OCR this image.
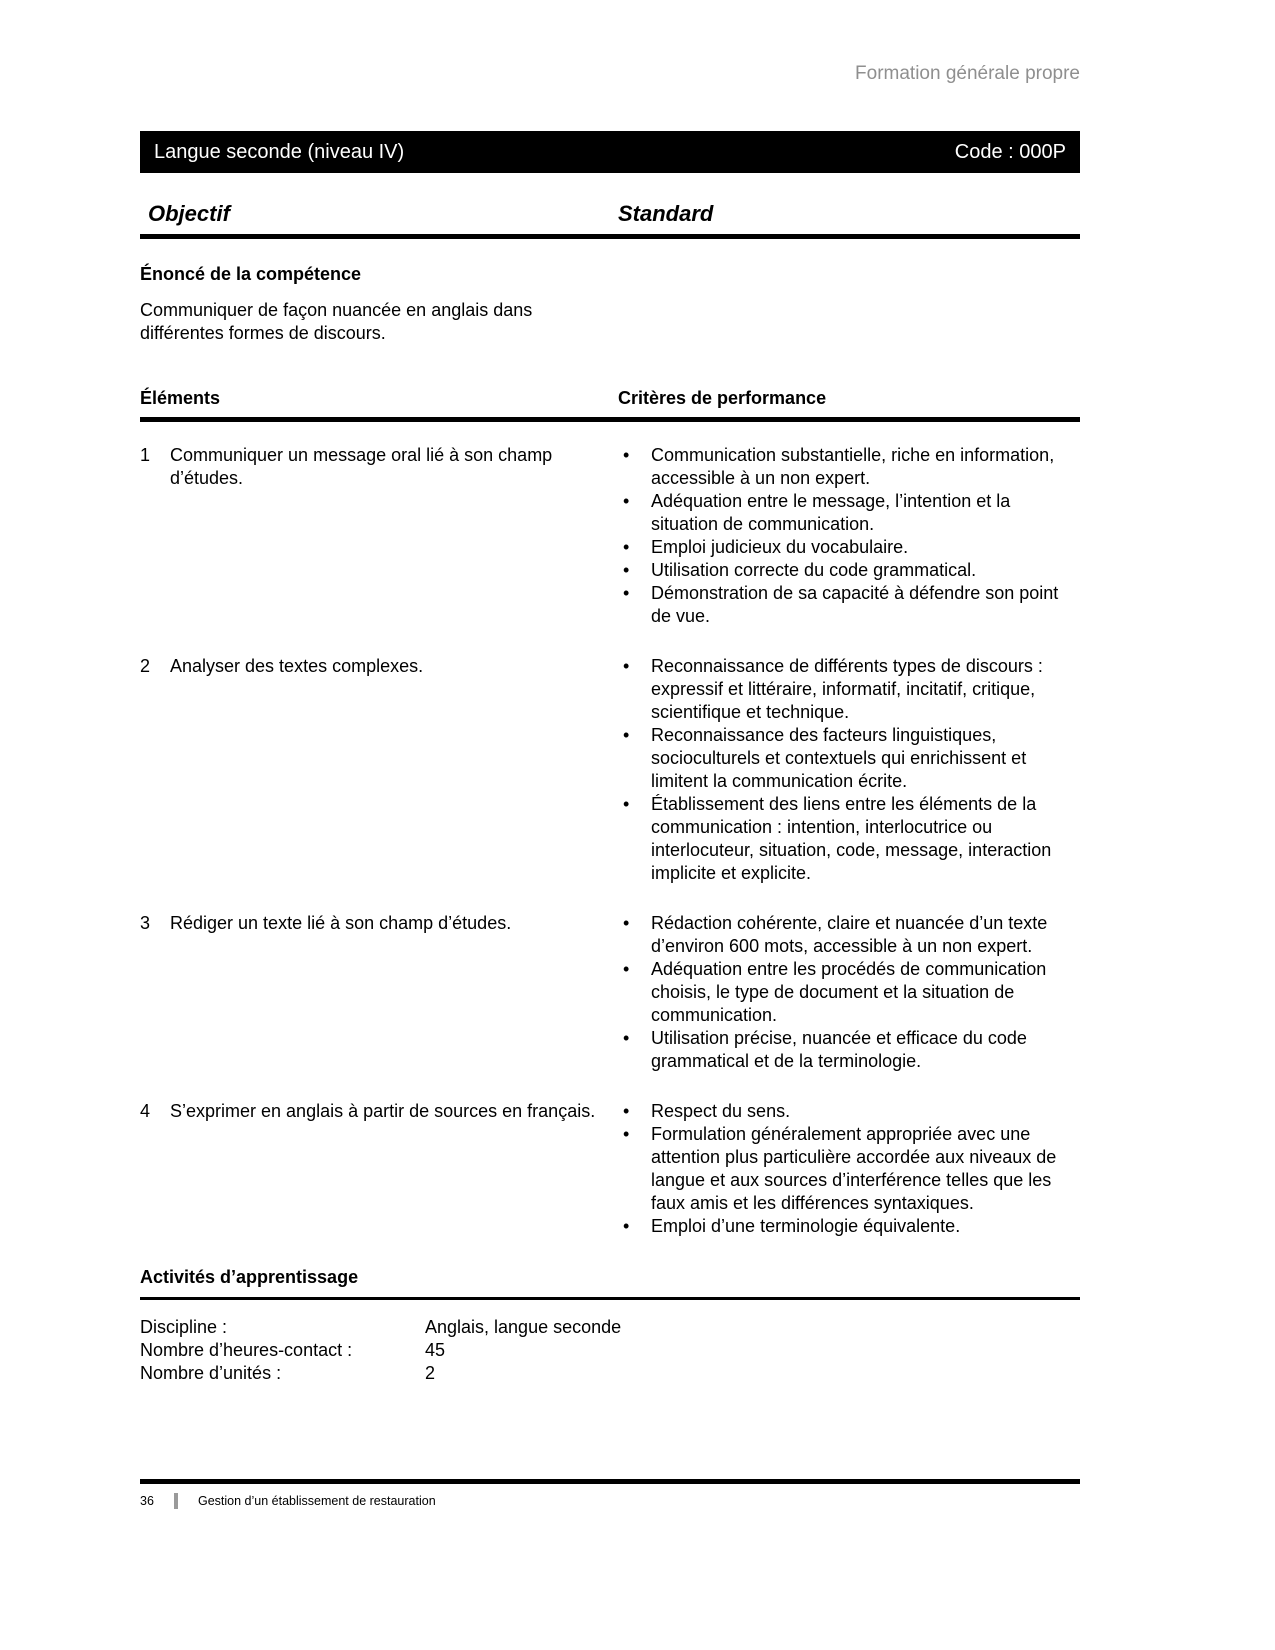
Formation générale propre
Langue seconde (niveau IV)	Code : 000P
Objectif	Standard
Énoncé de la compétence
Communiquer de façon nuancée en anglais dans différentes formes de discours.
Éléments	Critères de performance
1	Communiquer un message oral lié à son champ d’études.
•	Communication substantielle, riche en information, accessible à un non expert.
•	Adéquation entre le message, l’intention et la situation de communication.
•	Emploi judicieux du vocabulaire.
•	Utilisation correcte du code grammatical.
•	Démonstration de sa capacité à défendre son point de vue.
2	Analyser des textes complexes.	•	Reconnaissance de différents types de discours : expressif et littéraire, informatif, incitatif, critique, scientifique et technique.
•	Reconnaissance des facteurs linguistiques, socioculturels et contextuels qui enrichissent et limitent la communication écrite.
•	Établissement des liens entre les éléments de la communication : intention, interlocutrice ou interlocuteur, situation, code, message, interaction implicite et explicite.
3	Rédiger un texte lié à son champ d’études.	•	Rédaction cohérente, claire et nuancée d’un texte d’environ 600 mots, accessible à un non expert.
•	Adéquation entre les procédés de communication choisis, le type de document et la situation de communication.
•	Utilisation précise, nuancée et efficace du code grammatical et de la terminologie.
4	S’exprimer en anglais à partir de sources en français.	•	Respect du sens.
•	Formulation généralement appropriée avec une attention plus particulière accordée aux niveaux de langue et aux sources d’interférence telles que les faux amis et les différences syntaxiques.
•	Emploi d’une terminologie équivalente.
Activités d’apprentissage
Discipline :	Anglais, langue seconde
Nombre d’heures-contact :	45
Nombre d’unités :	2
36	Gestion d’un établissement de restauration
